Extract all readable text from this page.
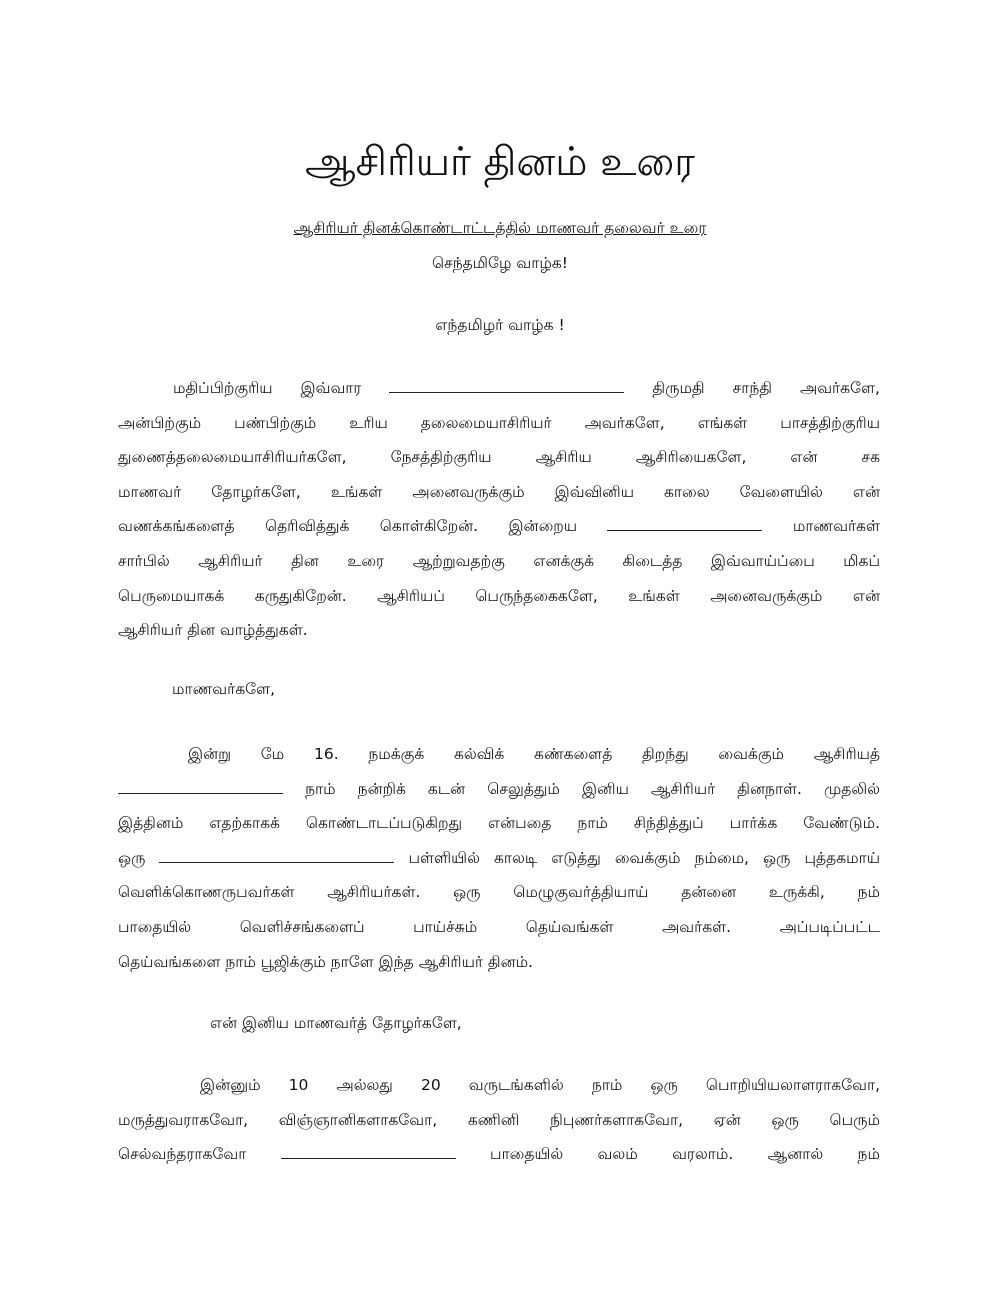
ஆசிரியர் தினம் உரை
ஆசிரியர் தினக்கொண்டாட்டத்தில் மாணவர் தலைவர் உரை
செந்தமிழே வாழ்க!
எந்தமிழர் வாழ்க !
மதிப்பிற்குரிய இவ்வார	திருமதி சாந்தி அவர்களே,
அன்பிற்கும் பண்பிற்கும் உரிய தலைமையாசிரியர் அவர்களே, எங்கள் பாசத்திற்குரிய
துணைத்தலைமையாசிரியர்களே, நேசத்திற்குரிய ஆசிரிய ஆசிரியைகளே, என் சக
மாணவர் தோழர்களே, உங்கள் அனைவருக்கும் இவ்வினிய காலை வேளையில் என்
வணக்கங்களைத் தெரிவித்துக் கொள்கிறேன். இன்றைய	மாணவர்கள்
சார்பில் ஆசிரியர் தின உரை ஆற்றுவதற்கு எனக்குக் கிடைத்த இவ்வாய்ப்பை மிகப்
பெருமையாகக் கருதுகிறேன். ஆசிரியப் பெருந்தகைகளே, உங்கள் அனைவருக்கும் என்
ஆசிரியர் தின வாழ்த்துகள்.
மாணவர்களே,
இன்று மே 16. நமக்குக் கல்விக் கண்களைத் திறந்து வைக்கும் ஆசிரியத்
நாம் நன்றிக் கடன் செலுத்தும் இனிய ஆசிரியர் தினநாள். முதலில்
இத்தினம் எதற்காகக் கொண்டாடப்படுகிறது என்பதை நாம் சிந்தித்துப் பார்க்க வேண்டும்.
ஒரு	பள்ளியில் காலடி எடுத்து வைக்கும் நம்மை, ஒரு புத்தகமாய்
வெளிக்கொணருபவர்கள் ஆசிரியர்கள். ஒரு மெழுகுவர்த்தியாய் தன்னை உருக்கி, நம்
பாதையில் வெளிச்சங்களைப் பாய்ச்சும் தெய்வங்கள் அவர்கள். அப்படிப்பட்ட
தெய்வங்களை நாம் பூஜிக்கும் நாளே இந்த ஆசிரியர் தினம்.
என் இனிய மாணவர்த் தோழர்களே,
இன்னும் 10 அல்லது 20 வருடங்களில் நாம் ஒரு பொறியியலாளராகவோ,
மருத்துவராகவோ, விஞ்ஞானிகளாகவோ, கணினி நிபுணர்களாகவோ, ஏன் ஒரு பெரும்
செல்வந்தராகவோ	பாதையில் வலம் வரலாம். ஆனால் நம்
